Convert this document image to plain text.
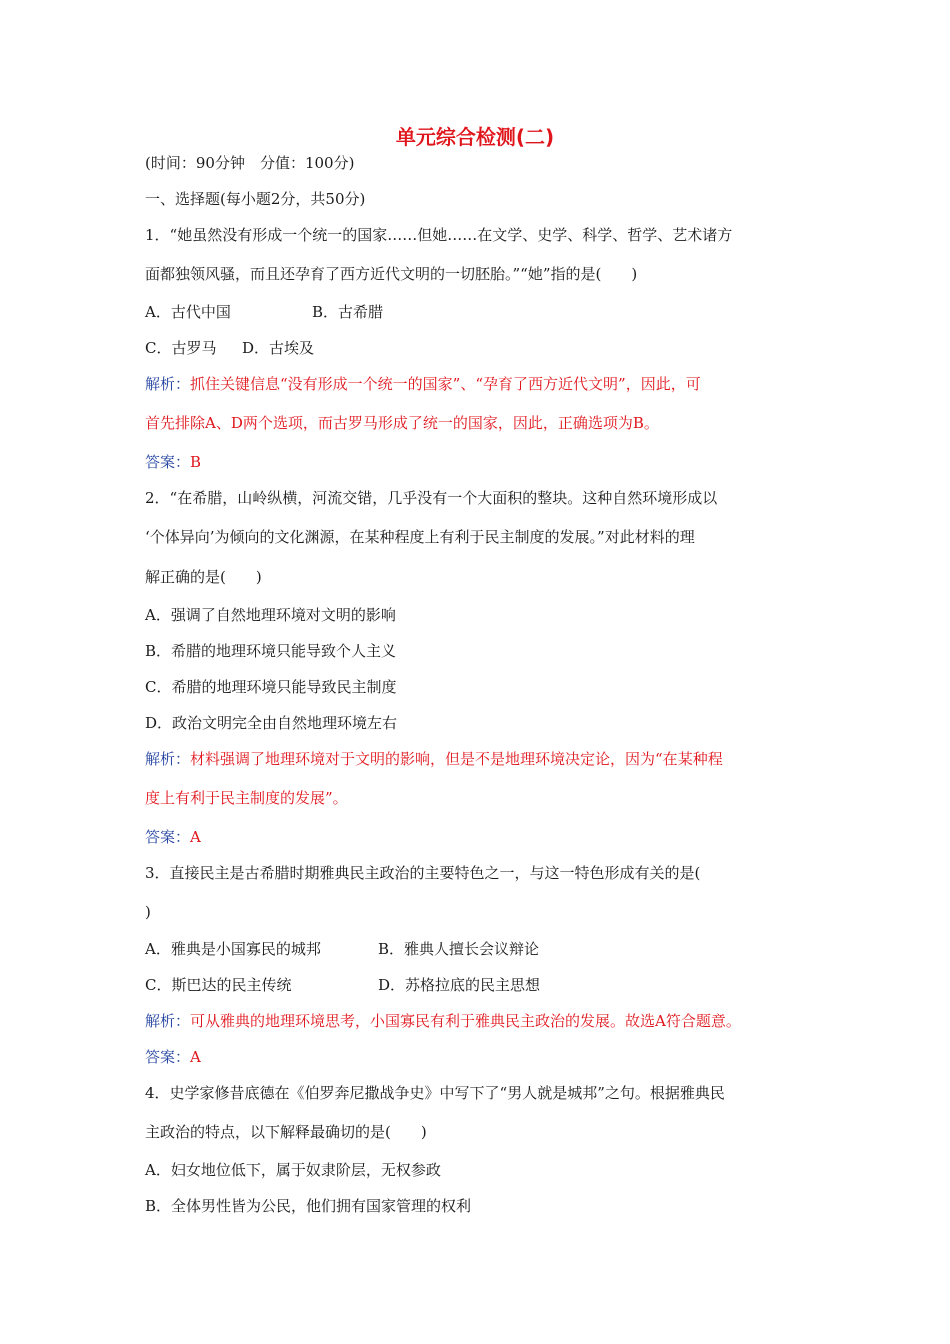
单元综合检测(二)
(时间：90分钟　分值：100分)
一、选择题(每小题2分，共50分)
1．“她虽然没有形成一个统一的国家……但她……在文学、史学、科学、哲学、艺术诸方
面都独领风骚，而且还孕育了西方近代文明的一切胚胎。”“她”指的是(　　)
A．古代中国	B．古希腊
C．古罗马 D．古埃及
解析：抓住关键信息“没有形成一个统一的国家”、“孕育了西方近代文明”，因此，可
首先排除A、D两个选项，而古罗马形成了统一的国家，因此，正确选项为B。
答案：B
2．“在希腊，山岭纵横，河流交错，几乎没有一个大面积的整块。这种自然环境形成以
‘个体异向’为倾向的文化渊源，在某种程度上有利于民主制度的发展。”对此材料的理
解正确的是(　　)
A．强调了自然地理环境对文明的影响
B．希腊的地理环境只能导致个人主义
C．希腊的地理环境只能导致民主制度
D．政治文明完全由自然地理环境左右
解析：材料强调了地理环境对于文明的影响，但是不是地理环境决定论，因为“在某种程
度上有利于民主制度的发展”。
答案：A
3．直接民主是古希腊时期雅典民主政治的主要特色之一，与这一特色形成有关的是(
)
A．雅典是小国寡民的城邦	B．雅典人擅长会议辩论
C．斯巴达的民主传统	D．苏格拉底的民主思想
解析：可从雅典的地理环境思考，小国寡民有利于雅典民主政治的发展。故选A符合题意。
答案：A
4．史学家修昔底德在《伯罗奔尼撒战争史》中写下了“男人就是城邦”之句。根据雅典民
主政治的特点，以下解释最确切的是(　　)
A．妇女地位低下，属于奴隶阶层，无权参政
B．全体男性皆为公民，他们拥有国家管理的权利
